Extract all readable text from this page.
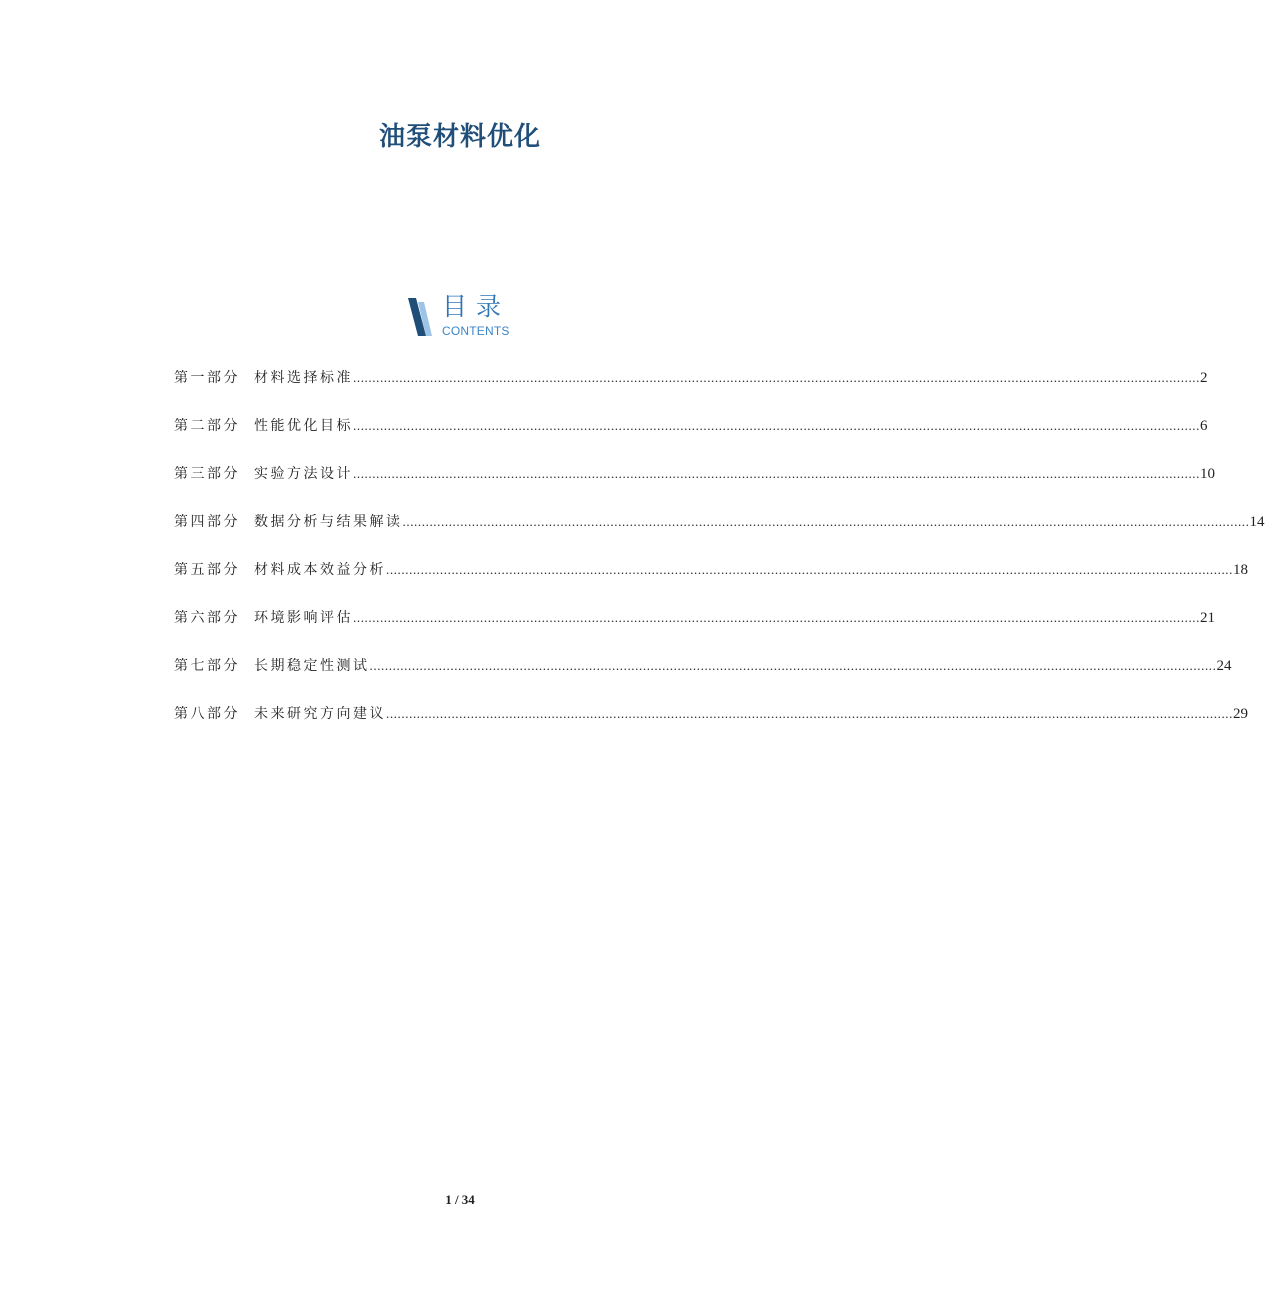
油泵材料优化
目录
CONTENTS
第一部分	材料选择标准 ............................................................................................................................................................................................................................ 2
第二部分	性能优化目标 ............................................................................................................................................................................................................................ 6
第三部分	实验方法设计 ............................................................................................................................................................................................................................ 10
第四部分	数据分析与结果解读 ............................................................................................................................................................................................................................ 14
第五部分	材料成本效益分析 ............................................................................................................................................................................................................................ 18
第六部分	环境影响评估 ............................................................................................................................................................................................................................ 21
第七部分	长期稳定性测试 ............................................................................................................................................................................................................................ 24
第八部分	未来研究方向建议 ............................................................................................................................................................................................................................ 29
1 / 34
